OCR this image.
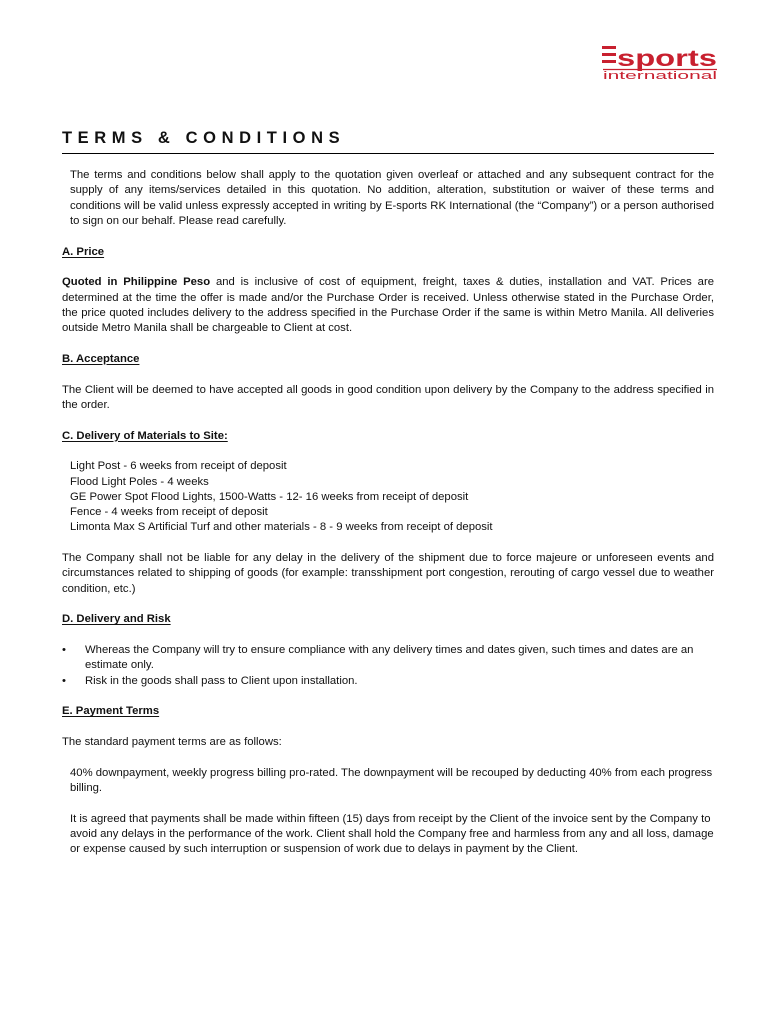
sports
international
TERMS & CONDITIONS

The terms and conditions below shall apply to the quotation given overleaf or attached and any subsequent contract for the supply of any items/services detailed in this quotation. No addition, alteration, substitution or waiver of these terms and conditions will be valid unless expressly accepted in writing by E-sports RK International (the “Company”) or a person authorised to sign on our behalf. Please read carefully.

A. Price

Quoted in Philippine Peso and is inclusive of cost of equipment, freight, taxes & duties, installation and VAT. Prices are determined at the time the offer is made and/or the Purchase Order is received. Unless otherwise stated in the Purchase Order, the price quoted includes delivery to the address specified in the Purchase Order if the same is within Metro Manila. All deliveries outside Metro Manila shall be chargeable to Client at cost.

B. Acceptance

The Client will be deemed to have accepted all goods in good condition upon delivery by the Company to the address specified in the order.

C. Delivery of Materials to Site:

Light Post - 6 weeks from receipt of deposit

Flood Light Poles - 4 weeks

GE Power Spot Flood Lights, 1500-Watts - 12- 16 weeks from receipt of deposit

Fence - 4 weeks from receipt of deposit

Limonta Max S Artificial Turf and other materials - 8 - 9 weeks from receipt of deposit

The Company shall not be liable for any delay in the delivery of the shipment due to force majeure or unforeseen events and circumstances related to shipping of goods (for example: transshipment port congestion, rerouting of cargo vessel due to weather condition, etc.)

D. Delivery and Risk

• Whereas the Company will try to ensure compliance with any delivery times and dates given, such times and dates are an estimate only.
• Risk in the goods shall pass to Client upon installation.

E. Payment Terms

The standard payment terms are as follows:

40% downpayment, weekly progress billing pro-rated. The downpayment will be recouped by deducting 40% from each progress billing.

It is agreed that payments shall be made within fifteen (15) days from receipt by the Client of the invoice sent by the Company to avoid any delays in the performance of the work. Client shall hold the Company free and harmless from any and all loss, damage or expense caused by such interruption or suspension of work due to delays in payment by the Client.
